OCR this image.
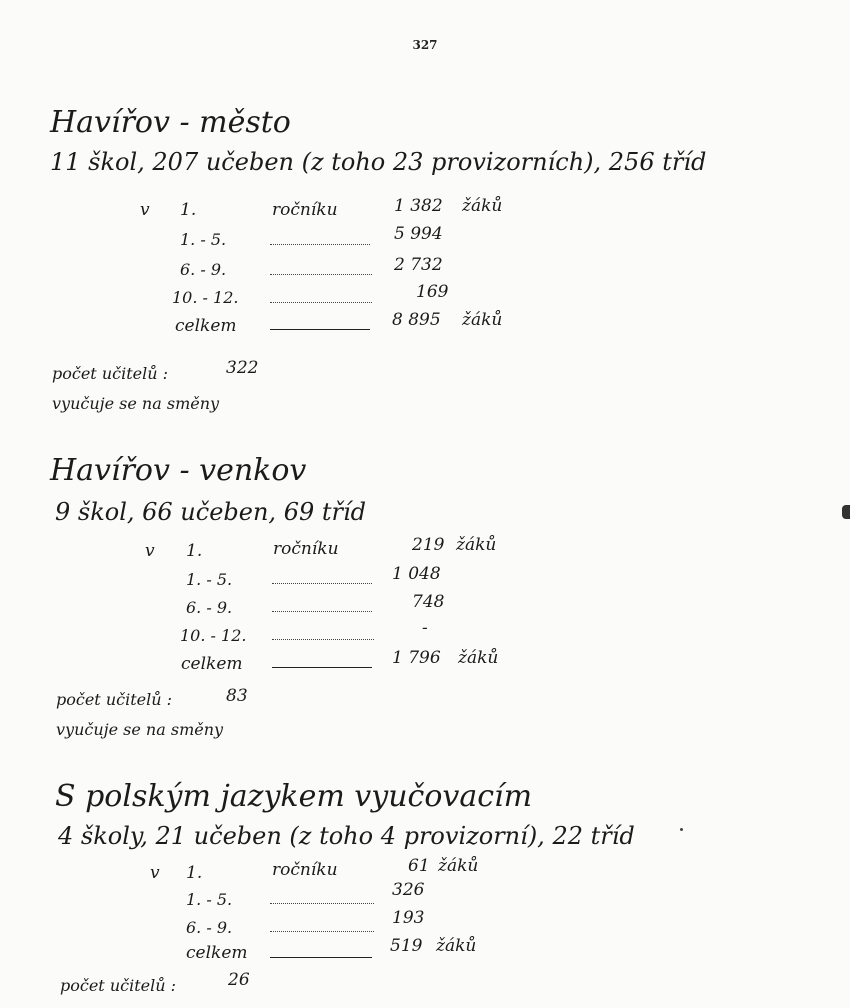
327
Havířov - město
11 škol, 207 učeben (z toho 23 provizorních), 256 tříd
v 1.	ročníku	1 382 žáků
1. - 5.	5 994
6. - 9.	2 732
10. - 12.	169
celkem	8 895 žáků
počet učitelů :	322
vyučuje se na směny
Havířov - venkov
9 škol, 66 učeben, 69 tříd
v 1.	ročníku	219 žáků
1. - 5.	1 048
6. - 9.	748
10. - 12.	-
celkem	1 796 žáků
počet učitelů :	83
vyučuje se na směny
S polským jazykem vyučovacím
4 školy, 21 učeben (z toho 4 provizorní), 22 tříd
v 1.	ročníku	61 žáků
1. - 5.	326
6. - 9.	193
celkem	519 žáků
počet učitelů :	26
